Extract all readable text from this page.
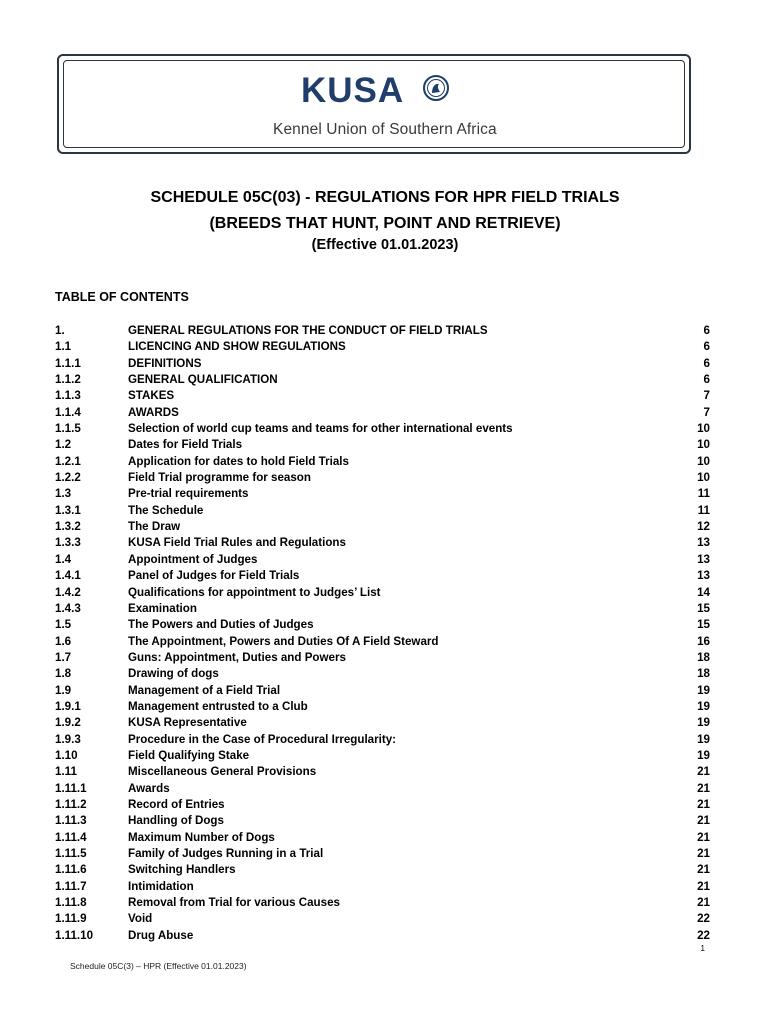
KUSA
Kennel Union of Southern Africa
SCHEDULE 05C(03) - REGULATIONS FOR HPR FIELD TRIALS
(BREEDS THAT HUNT, POINT AND RETRIEVE)
(Effective 01.01.2023)
TABLE OF CONTENTS
1.	GENERAL REGULATIONS FOR THE CONDUCT OF FIELD TRIALS	6
1.1	LICENCING AND SHOW REGULATIONS	6
1.1.1	DEFINITIONS	6
1.1.2	GENERAL QUALIFICATION	6
1.1.3	STAKES	7
1.1.4	AWARDS	7
1.1.5	Selection of world cup teams and teams for other international events	10
1.2	Dates for Field Trials	10
1.2.1	Application for dates to hold Field Trials	10
1.2.2	Field Trial programme for season	10
1.3	Pre-trial requirements	11
1.3.1	The Schedule	11
1.3.2	The Draw	12
1.3.3	KUSA Field Trial Rules and Regulations	13
1.4	Appointment of Judges	13
1.4.1	Panel of Judges for Field Trials	13
1.4.2	Qualifications for appointment to Judges’ List	14
1.4.3	Examination	15
1.5	The Powers and Duties of Judges	15
1.6	The Appointment, Powers and Duties Of A Field Steward	16
1.7	Guns: Appointment, Duties and Powers	18
1.8	Drawing of dogs	18
1.9	Management of a Field Trial	19
1.9.1	Management entrusted to a Club	19
1.9.2	KUSA Representative	19
1.9.3	Procedure in the Case of Procedural Irregularity:	19
1.10	Field Qualifying Stake	19
1.11	Miscellaneous General Provisions	21
1.11.1	Awards	21
1.11.2	Record of Entries	21
1.11.3	Handling of Dogs	21
1.11.4	Maximum Number of Dogs	21
1.11.5	Family of Judges Running in a Trial	21
1.11.6	Switching Handlers	21
1.11.7	Intimidation	21
1.11.8	Removal from Trial for various Causes	21
1.11.9	Void	22
1.11.10	Drug Abuse	22
1
Schedule 05C(3) – HPR (Effective 01.01.2023)
